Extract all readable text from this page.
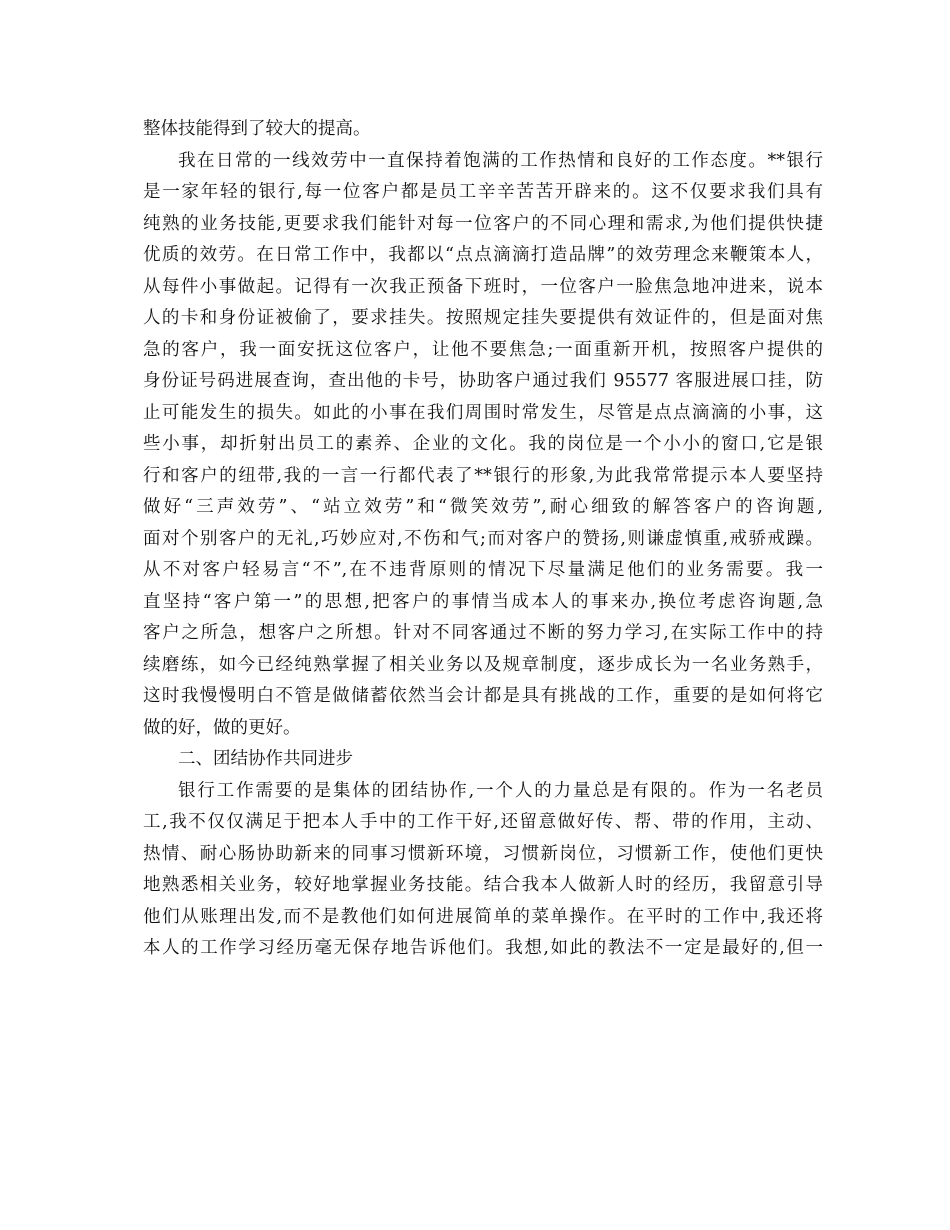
整体技能得到了较大的提高。
我在日常的一线效劳中一直保持着饱满的工作热情和良好的工作态度。**银行
是一家年轻的银行,每一位客户都是员工辛辛苦苦开辟来的。这不仅要求我们具有
纯熟的业务技能,更要求我们能针对每一位客户的不同心理和需求,为他们提供快捷
优质的效劳。在日常工作中，我都以“点点滴滴打造品牌”的效劳理念来鞭策本人，
从每件小事做起。记得有一次我正预备下班时，一位客户一脸焦急地冲进来，说本
人的卡和身份证被偷了，要求挂失。按照规定挂失要提供有效证件的，但是面对焦
急的客户，我一面安抚这位客户，让他不要焦急;一面重新开机，按照客户提供的
身份证号码进展查询，查出他的卡号，协助客户通过我们 95577 客服进展口挂，防
止可能发生的损失。如此的小事在我们周围时常发生，尽管是点点滴滴的小事，这
些小事，却折射出员工的素养、企业的文化。我的岗位是一个小小的窗口,它是银
行和客户的纽带,我的一言一行都代表了**银行的形象,为此我常常提示本人要坚持
做好“三声效劳”、“站立效劳”和“微笑效劳”,耐心细致的解答客户的咨询题,
面对个别客户的无礼,巧妙应对,不伤和气;而对客户的赞扬,则谦虚慎重,戒骄戒躁。
从不对客户轻易言“不”,在不违背原则的情况下尽量满足他们的业务需要。我一
直坚持“客户第一”的思想,把客户的事情当成本人的事来办,换位考虑咨询题,急
客户之所急，想客户之所想。针对不同客通过不断的努力学习,在实际工作中的持
续磨练，如今已经纯熟掌握了相关业务以及规章制度，逐步成长为一名业务熟手，
这时我慢慢明白不管是做储蓄依然当会计都是具有挑战的工作，重要的是如何将它
做的好，做的更好。
二、团结协作共同进步
银行工作需要的是集体的团结协作,一个人的力量总是有限的。作为一名老员
工,我不仅仅满足于把本人手中的工作干好,还留意做好传、帮、带的作用，主动、
热情、耐心肠协助新来的同事习惯新环境，习惯新岗位，习惯新工作，使他们更快
地熟悉相关业务，较好地掌握业务技能。结合我本人做新人时的经历，我留意引导
他们从账理出发,而不是教他们如何进展简单的菜单操作。在平时的工作中,我还将
本人的工作学习经历毫无保存地告诉他们。我想,如此的教法不一定是最好的,但一
